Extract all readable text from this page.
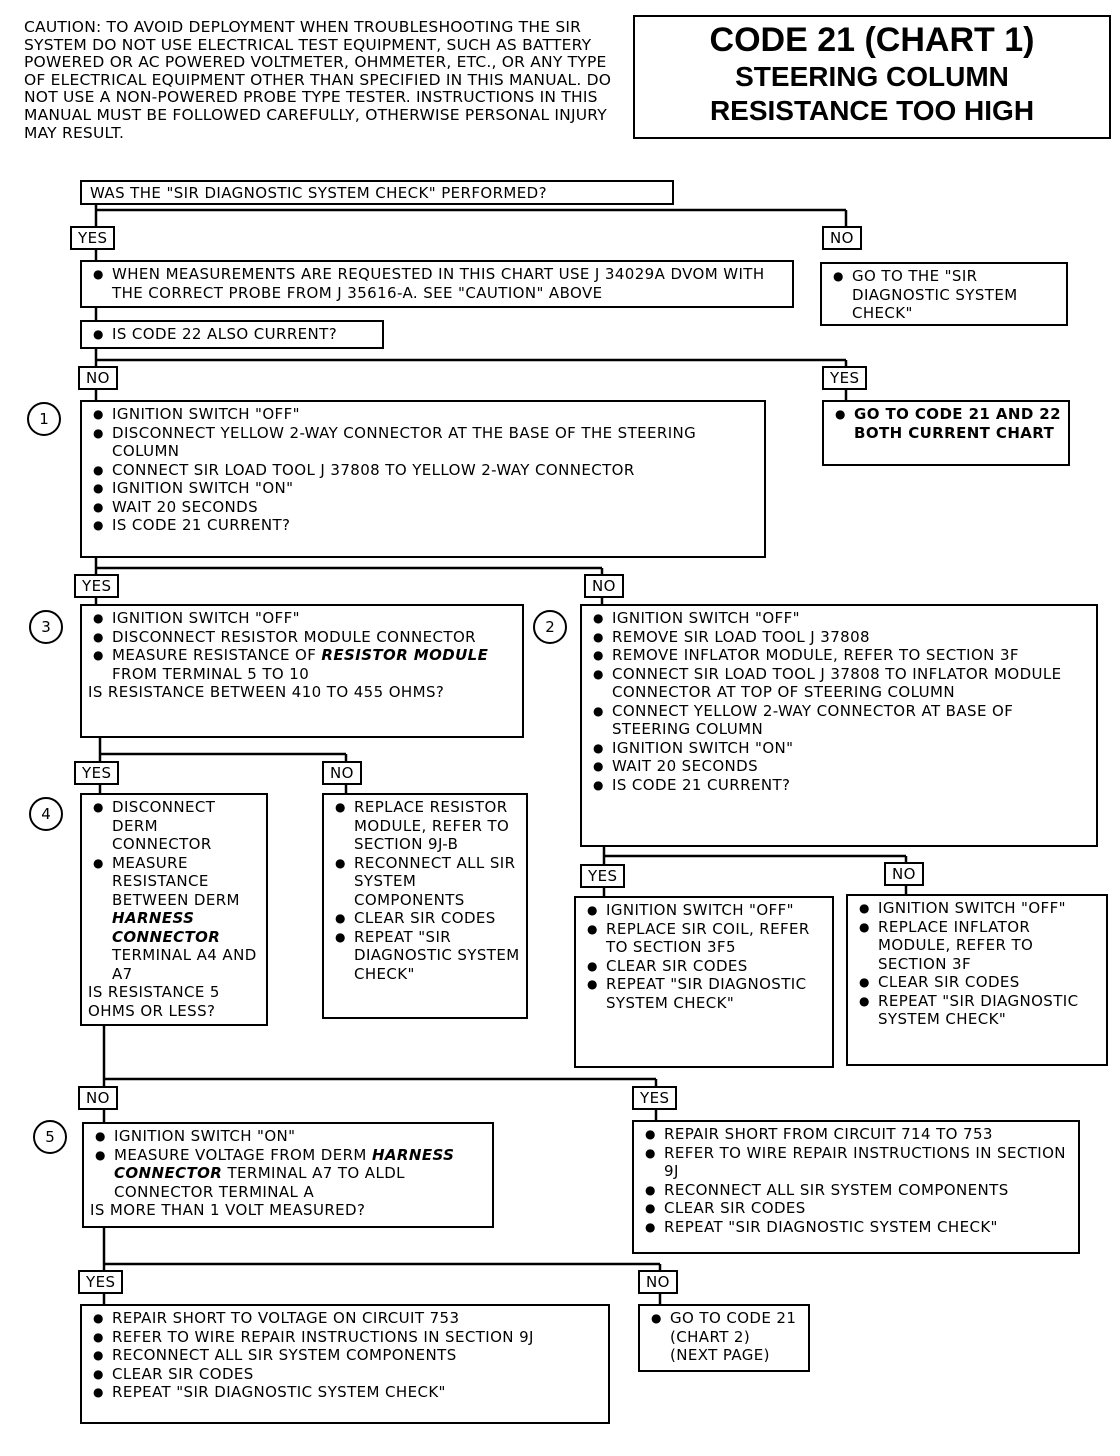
CAUTION: TO AVOID DEPLOYMENT WHEN TROUBLESHOOTING THE SIR SYSTEM DO NOT USE ELECTRICAL TEST EQUIPMENT, SUCH AS BATTERY POWERED OR AC POWERED VOLTMETER, OHMMETER, ETC., OR ANY TYPE OF ELECTRICAL EQUIPMENT OTHER THAN SPECIFIED IN THIS MANUAL. DO NOT USE A NON-POWERED PROBE TYPE TESTER. INSTRUCTIONS IN THIS MANUAL MUST BE FOLLOWED CAREFULLY, OTHERWISE PERSONAL INJURY MAY RESULT.
CODE 21 (CHART 1)
STEERING COLUMN
RESISTANCE TOO HIGH
WAS THE "SIR DIAGNOSTIC SYSTEM CHECK" PERFORMED?
YES	NO
● WHEN MEASUREMENTS ARE REQUESTED IN THIS CHART USE J 34029A DVOM WITH THE CORRECT PROBE FROM J 35616-A. SEE "CAUTION" ABOVE
● GO TO THE "SIR DIAGNOSTIC SYSTEM CHECK"
● IS CODE 22 ALSO CURRENT?
NO	YES
1	● IGNITION SWITCH "OFF"
● DISCONNECT YELLOW 2-WAY CONNECTOR AT THE BASE OF THE STEERING COLUMN
● CONNECT SIR LOAD TOOL J 37808 TO YELLOW 2-WAY CONNECTOR
● IGNITION SWITCH "ON"
● WAIT 20 SECONDS
● IS CODE 21 CURRENT?
● GO TO CODE 21 AND 22 BOTH CURRENT CHART
YES	NO
3	● IGNITION SWITCH "OFF"
● DISCONNECT RESISTOR MODULE CONNECTOR
● MEASURE RESISTANCE OF RESISTOR MODULE FROM TERMINAL 5 TO 10
IS RESISTANCE BETWEEN 410 TO 455 OHMS?
2	● IGNITION SWITCH "OFF"
● REMOVE SIR LOAD TOOL J 37808
● REMOVE INFLATOR MODULE, REFER TO SECTION 3F
● CONNECT SIR LOAD TOOL J 37808 TO INFLATOR MODULE CONNECTOR AT TOP OF STEERING COLUMN
● CONNECT YELLOW 2-WAY CONNECTOR AT BASE OF STEERING COLUMN
● IGNITION SWITCH "ON"
● WAIT 20 SECONDS
● IS CODE 21 CURRENT?
YES	NO
4	● DISCONNECT DERM CONNECTOR
● MEASURE RESISTANCE BETWEEN DERM HARNESS CONNECTOR TERMINAL A4 AND A7
IS RESISTANCE 5 OHMS OR LESS?
● REPLACE RESISTOR MODULE, REFER TO SECTION 9J-B
● RECONNECT ALL SIR SYSTEM COMPONENTS
● CLEAR SIR CODES
● REPEAT "SIR DIAGNOSTIC SYSTEM CHECK"
YES	NO
● IGNITION SWITCH "OFF"
● REPLACE SIR COIL, REFER TO SECTION 3F5
● CLEAR SIR CODES
● REPEAT "SIR DIAGNOSTIC SYSTEM CHECK"
● IGNITION SWITCH "OFF"
● REPLACE INFLATOR MODULE, REFER TO SECTION 3F
● CLEAR SIR CODES
● REPEAT "SIR DIAGNOSTIC SYSTEM CHECK"
NO	YES
5	● IGNITION SWITCH "ON"
● MEASURE VOLTAGE FROM DERM HARNESS CONNECTOR TERMINAL A7 TO ALDL CONNECTOR TERMINAL A
IS MORE THAN 1 VOLT MEASURED?
● REPAIR SHORT FROM CIRCUIT 714 TO 753
● REFER TO WIRE REPAIR INSTRUCTIONS IN SECTION 9J
● RECONNECT ALL SIR SYSTEM COMPONENTS
● CLEAR SIR CODES
● REPEAT "SIR DIAGNOSTIC SYSTEM CHECK"
YES	NO
● REPAIR SHORT TO VOLTAGE ON CIRCUIT 753
● REFER TO WIRE REPAIR INSTRUCTIONS IN SECTION 9J
● RECONNECT ALL SIR SYSTEM COMPONENTS
● CLEAR SIR CODES
● REPEAT "SIR DIAGNOSTIC SYSTEM CHECK"
● GO TO CODE 21 (CHART 2) (NEXT PAGE)
